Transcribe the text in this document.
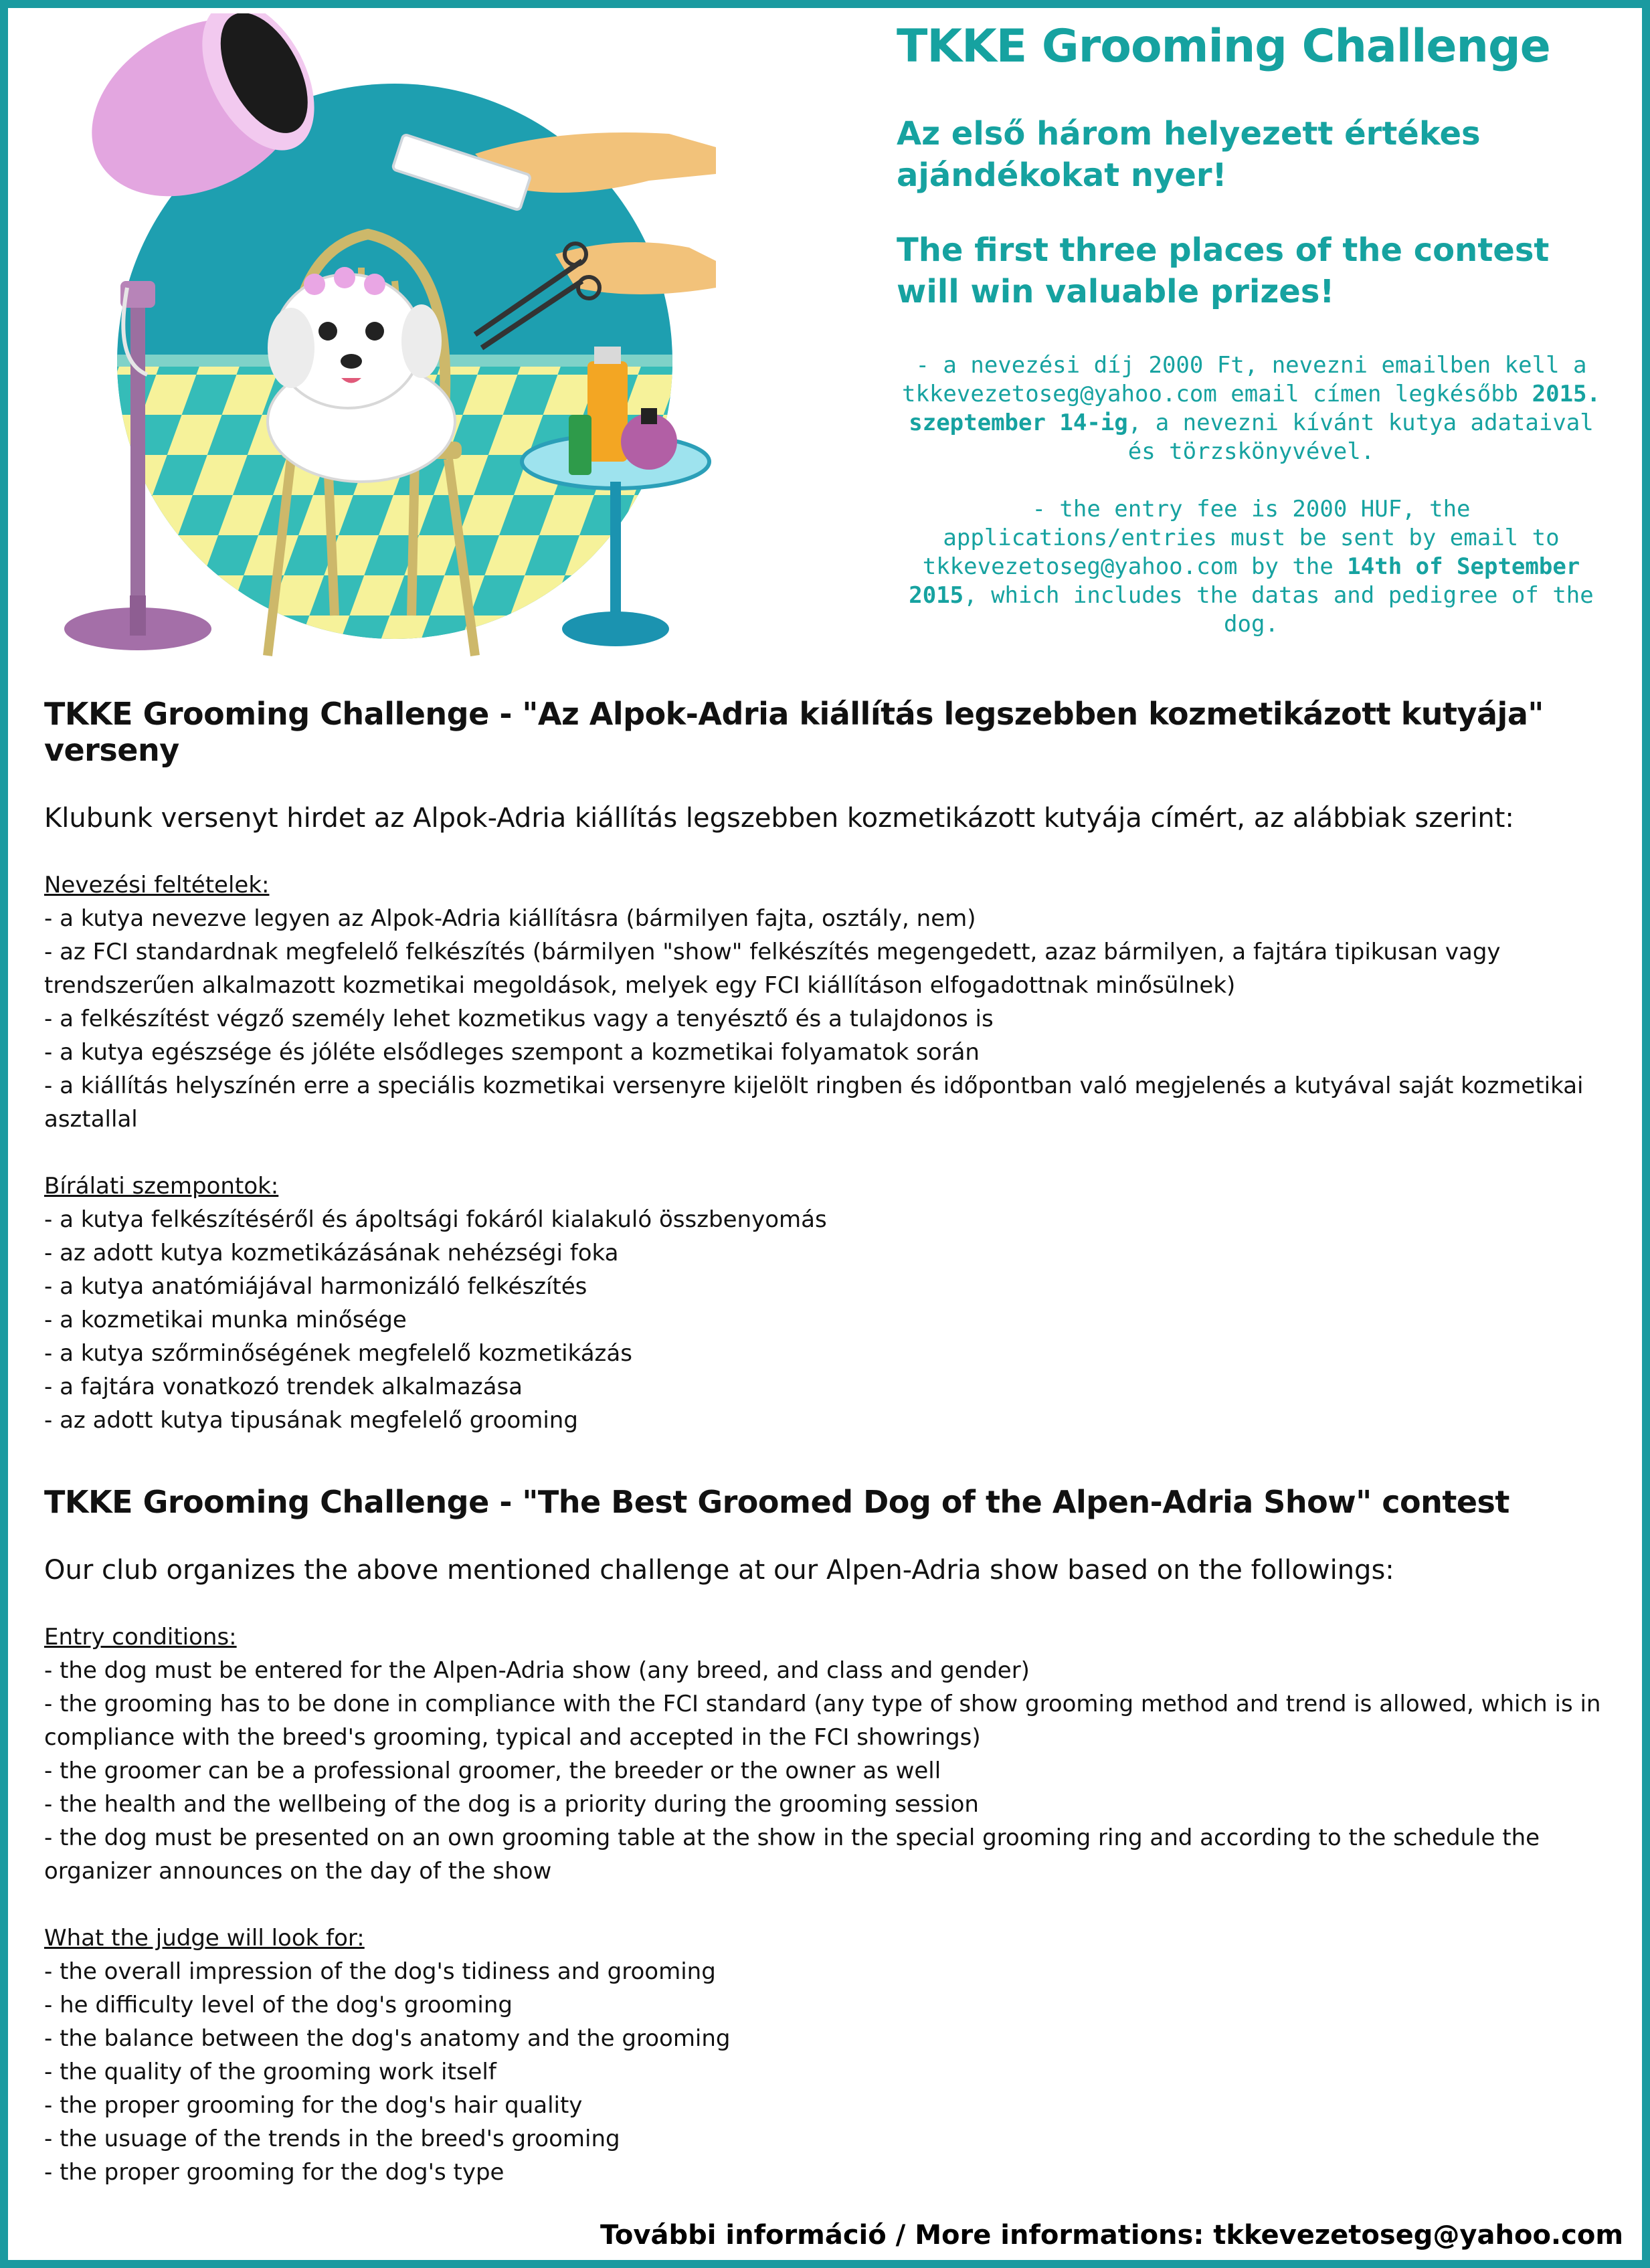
TKKE Grooming Challenge

Az első három helyezett értékes ajándékokat nyer!

The first three places of the contest will win valuable prizes!

- a nevezési díj 2000 Ft, nevezni emailben kell a tkkevezetoseg@yahoo.com email címen legkésőbb 2015. szeptember 14-ig, a nevezni kívánt kutya adataival és törzskönyvével.

- the entry fee is 2000 HUF, the applications/entries must be sent by email to tkkevezetoseg@yahoo.com by the 14th of September 2015, which includes the datas and pedigree of the dog.

TKKE Grooming Challenge - "Az Alpok-Adria kiállítás legszebben kozmetikázott kutyája" verseny

Klubunk versenyt hirdet az Alpok-Adria kiállítás legszebben kozmetikázott kutyája címért, az alábbiak szerint:

Nevezési feltételek:

- a kutya nevezve legyen az Alpok-Adria kiállításra (bármilyen fajta, osztály, nem)

- az FCI standardnak megfelelő felkészítés (bármilyen "show" felkészítés megengedett, azaz bármilyen, a fajtára tipikusan vagy trendszerűen alkalmazott kozmetikai megoldások, melyek egy FCI kiállításon elfogadottnak minősülnek)

- a felkészítést végző személy lehet kozmetikus vagy a tenyésztő és a tulajdonos is

- a kutya egészsége és jóléte elsődleges szempont a kozmetikai folyamatok során

- a kiállítás helyszínén erre a speciális kozmetikai versenyre kijelölt ringben és időpontban való megjelenés a kutyával saját kozmetikai asztallal

Bírálati szempontok:

- a kutya felkészítéséről és ápoltsági fokáról kialakuló összbenyomás

- az adott kutya kozmetikázásának nehézségi foka

- a kutya anatómiájával harmonizáló felkészítés

- a kozmetikai munka minősége

- a kutya szőrminőségének megfelelő kozmetikázás

- a fajtára vonatkozó trendek alkalmazása

- az adott kutya tipusának megfelelő grooming

TKKE Grooming Challenge - "The Best Groomed Dog of the Alpen-Adria Show" contest

Our club organizes the above mentioned challenge at our Alpen-Adria show based on the followings:

Entry conditions:

- the dog must be entered for the Alpen-Adria show (any breed, and class and gender)

- the grooming has to be done in compliance with the FCI standard (any type of show grooming method and trend is allowed, which is in compliance with the breed's grooming, typical and accepted in the FCI showrings)

- the groomer can be a professional groomer, the breeder or the owner as well

- the health and the wellbeing of the dog is a priority during the grooming session

- the dog must be presented on an own grooming table at the show in the special grooming ring and according to the schedule the organizer announces on the day of the show

What the judge will look for:

- the overall impression of the dog's tidiness and grooming

- he difficulty level of the dog's grooming

- the balance between the dog's anatomy and the grooming

- the quality of the grooming work itself

- the proper grooming for the dog's hair quality

- the usuage of the trends in the breed's grooming

- the proper grooming for the dog's type

További információ / More informations: tkkevezetoseg@yahoo.com
